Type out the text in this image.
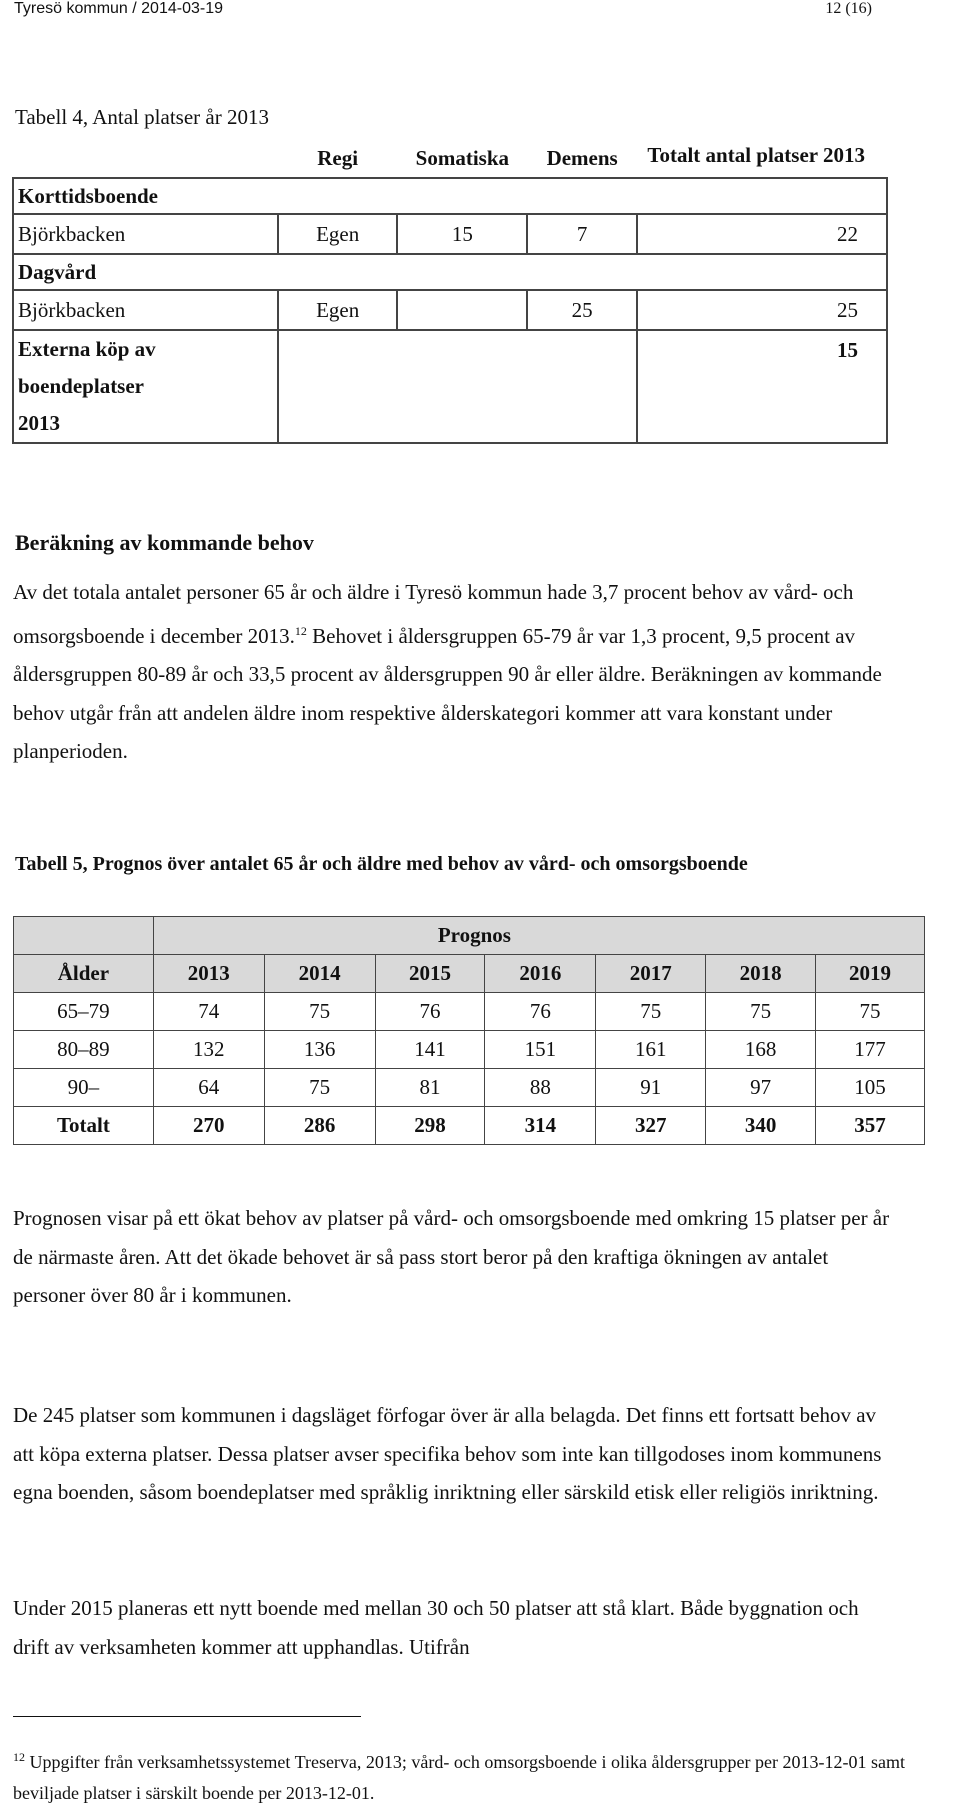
Tyresö kommun / 2014-03-19	12 (16)
Tabell 4, Antal platser år 2013
	Regi	Somatiska	Demens	Totalt antal platser 2013
Korttidsboende				
Björkbacken	Egen	15	7	22
Dagvård				
Björkbacken	Egen		25	25
Externa köp av boendeplatser 2013				15
Beräkning av kommande behov
Av det totala antalet personer 65 år och äldre i Tyresö kommun hade 3,7 procent behov av vård- och omsorgsboende i december 2013.12 Behovet i åldersgruppen 65-79 år var 1,3 procent, 9,5 procent av åldersgruppen 80-89 år och 33,5 procent av åldersgruppen 90 år eller äldre. Beräkningen av kommande behov utgår från att andelen äldre inom respektive ålderskategori kommer att vara konstant under planperioden.
Tabell 5, Prognos över antalet 65 år och äldre med behov av vård- och omsorgsboende
	Prognos						
Ålder	2013	2014	2015	2016	2017	2018	2019
65–79	74	75	76	76	75	75	75
80–89	132	136	141	151	161	168	177
90–	64	75	81	88	91	97	105
Totalt	270	286	298	314	327	340	357
Prognosen visar på ett ökat behov av platser på vård- och omsorgsboende med omkring 15 platser per år de närmaste åren. Att det ökade behovet är så pass stort beror på den kraftiga ökningen av antalet personer över 80 år i kommunen.
De 245 platser som kommunen i dagsläget förfogar över är alla belagda. Det finns ett fortsatt behov av att köpa externa platser. Dessa platser avser specifika behov som inte kan tillgodoses inom kommunens egna boenden, såsom boendeplatser med språklig inriktning eller särskild etisk eller religiös inriktning.
Under 2015 planeras ett nytt boende med mellan 30 och 50 platser att stå klart. Både byggnation och drift av verksamheten kommer att upphandlas. Utifrån
$^{12}$ Uppgifter från verksamhetssystemet Treserva, 2013; vård- och omsorgsboende i olika åldersgrupper per 2013-12-01 samt beviljade platser i särskilt boende per 2013-12-01.
